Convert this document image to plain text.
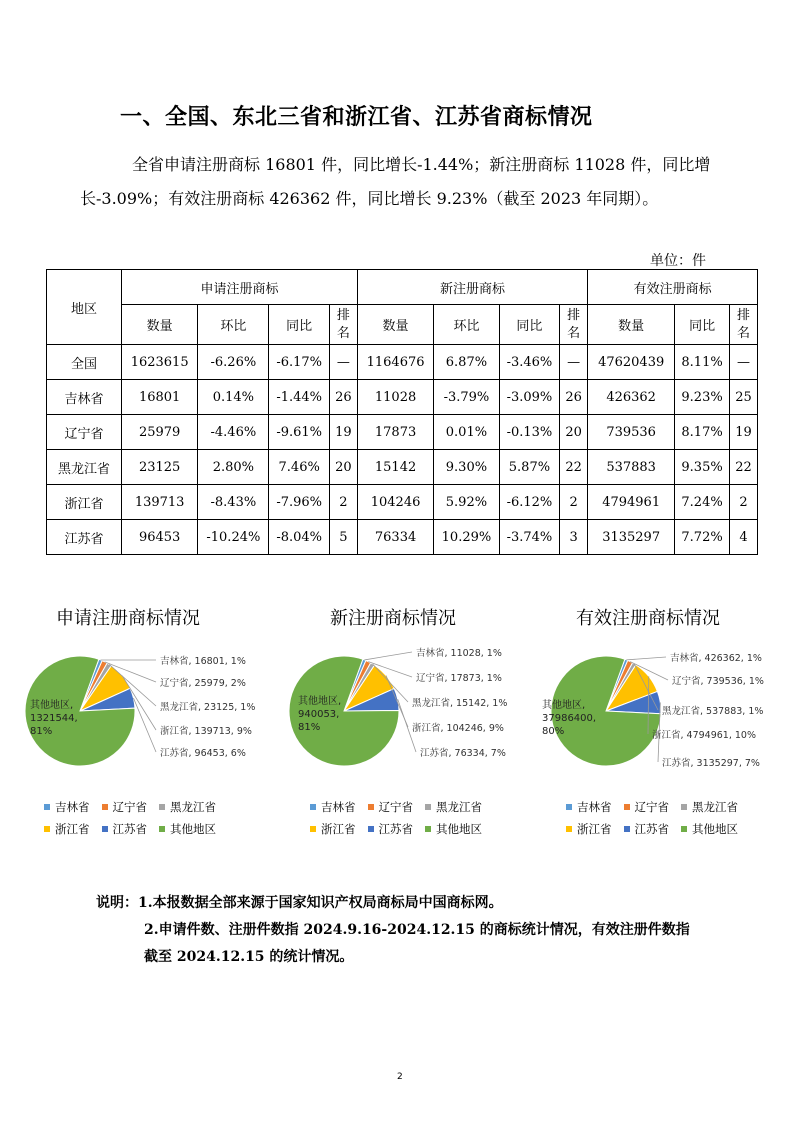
一、全国、东北三省和浙江省、江苏省商标情况
全省申请注册商标 16801 件，同比增长-1.44%；新注册商标 11028 件，同比增长-3.09%；有效注册商标 426362 件，同比增长 9.23%（截至 2023 年同期）。
单位：件
地区	申请注册商标				新注册商标				有效注册商标		
	数量	环比	同比	排名	数量	环比	同比	排名	数量	同比	排名
全国	1623615	-6.26%	-6.17%	—	1164676	6.87%	-3.46%	—	47620439	8.11%	—
吉林省	16801	0.14%	-1.44%	26	11028	-3.79%	-3.09%	26	426362	9.23%	25
辽宁省	25979	-4.46%	-9.61%	19	17873	0.01%	-0.13%	20	739536	8.17%	19
黑龙江省	23125	2.80%	7.46%	20	15142	9.30%	5.87%	22	537883	9.35%	22
浙江省	139713	-8.43%	-7.96%	2	104246	5.92%	-6.12%	2	4794961	7.24%	2
江苏省	96453	-10.24%	-8.04%	5	76334	10.29%	-3.74%	3	3135297	7.72%	4
申请注册商标情况
吉林省, 16801, 1%
辽宁省, 25979, 2%
黑龙江省, 23125, 1%
浙江省, 139713, 9%
江苏省, 96453, 6%
其他地区,
1321544,
81%
吉林省 辽宁省 黑龙江省
浙江省 江苏省 其他地区
新注册商标情况
吉林省, 11028, 1%
辽宁省, 17873, 1%
黑龙江省, 15142, 1%
浙江省, 104246, 9%
江苏省, 76334, 7%
其他地区,
940053,
81%
吉林省 辽宁省 黑龙江省
浙江省 江苏省 其他地区
有效注册商标情况
吉林省, 426362, 1%
辽宁省, 739536, 1%
黑龙江省, 537883, 1%
浙江省, 4794961, 10%
江苏省, 3135297, 7%
其他地区,
37986400,
80%
吉林省 辽宁省 黑龙江省
浙江省 江苏省 其他地区
说明：1.本报数据全部来源于国家知识产权局商标局中国商标网。
2.申请件数、注册件数指 2024.9.16-2024.12.15 的商标统计情况，有效注册件数指
截至 2024.12.15 的统计情况。
2
